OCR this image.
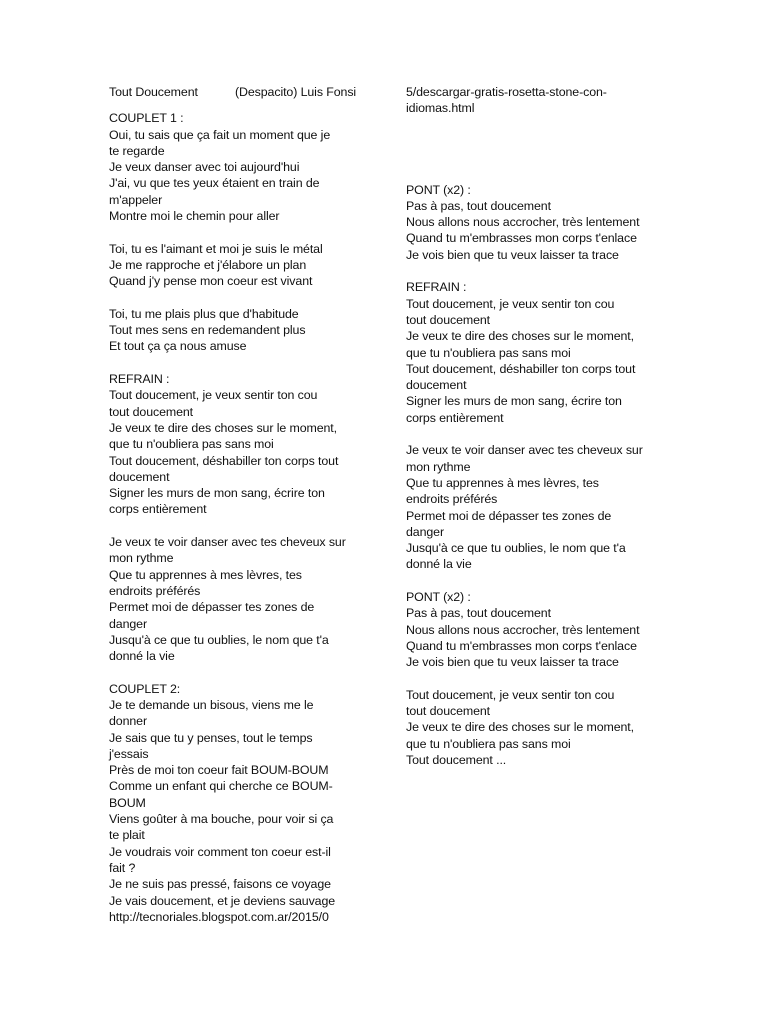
Tout Doucement	(Despacito) Luis Fonsi
COUPLET 1 :
Oui, tu sais que ça fait un moment que je
te regarde
Je veux danser avec toi aujourd'hui
J'ai, vu que tes yeux étaient en train de
m'appeler
Montre moi le chemin pour aller
Toi, tu es l'aimant et moi je suis le métal
Je me rapproche et j'élabore un plan
Quand j'y pense mon coeur est vivant
Toi, tu me plais plus que d'habitude
Tout mes sens en redemandent plus
Et tout ça ça nous amuse
REFRAIN :
Tout doucement, je veux sentir ton cou
tout doucement
Je veux te dire des choses sur le moment,
que tu n'oubliera pas sans moi
Tout doucement, déshabiller ton corps tout
doucement
Signer les murs de mon sang, écrire ton
corps entièrement
Je veux te voir danser avec tes cheveux sur
mon rythme
Que tu apprennes à mes lèvres, tes
endroits préférés
Permet moi de dépasser tes zones de
danger
Jusqu'à ce que tu oublies, le nom que t'a
donné la vie
COUPLET 2:
Je te demande un bisous, viens me le
donner
Je sais que tu y penses, tout le temps
j'essais
Près de moi ton coeur fait BOUM-BOUM
Comme un enfant qui cherche ce BOUM-
BOUM
Viens goûter à ma bouche, pour voir si ça
te plait
Je voudrais voir comment ton coeur est-il
fait ?
Je ne suis pas pressé, faisons ce voyage
Je vais doucement, et je deviens sauvage
http://tecnoriales.blogspot.com.ar/2015/0
5/descargar-gratis-rosetta-stone-con-
idiomas.html
PONT (x2) :
Pas à pas, tout doucement
Nous allons nous accrocher, très lentement
Quand tu m'embrasses mon corps t'enlace
Je vois bien que tu veux laisser ta trace
REFRAIN :
Tout doucement, je veux sentir ton cou
tout doucement
Je veux te dire des choses sur le moment,
que tu n'oubliera pas sans moi
Tout doucement, déshabiller ton corps tout
doucement
Signer les murs de mon sang, écrire ton
corps entièrement
Je veux te voir danser avec tes cheveux sur
mon rythme
Que tu apprennes à mes lèvres, tes
endroits préférés
Permet moi de dépasser tes zones de
danger
Jusqu'à ce que tu oublies, le nom que t'a
donné la vie
PONT (x2) :
Pas à pas, tout doucement
Nous allons nous accrocher, très lentement
Quand tu m'embrasses mon corps t'enlace
Je vois bien que tu veux laisser ta trace
Tout doucement, je veux sentir ton cou
tout doucement
Je veux te dire des choses sur le moment,
que tu n'oubliera pas sans moi
Tout doucement ...
